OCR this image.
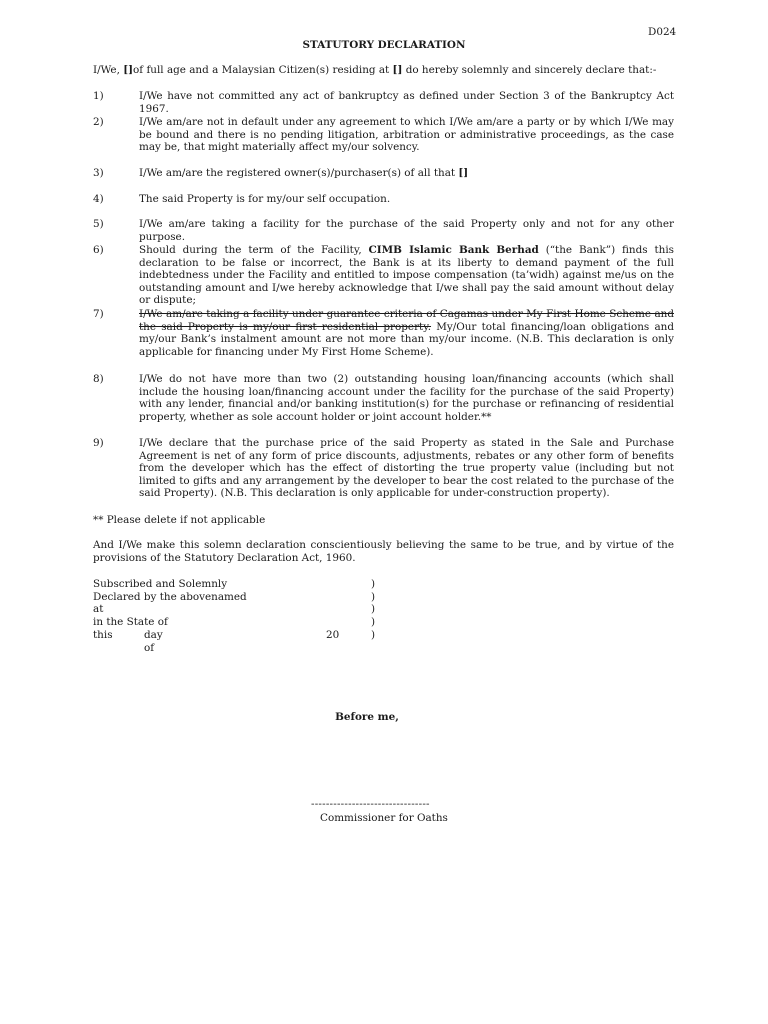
D024
STATUTORY DECLARATION
I/We, []of full age and a Malaysian Citizen(s) residing at [] do hereby solemnly and sincerely declare that:-
1)	I/We have not committed any act of bankruptcy as defined under Section 3 of the Bankruptcy Act 1967.
2)	I/We am/are not in default under any agreement to which I/We am/are a party or by which I/We may be bound and there is no pending litigation, arbitration or administrative proceedings, as the case may be, that might materially affect my/our solvency.
3)	I/We am/are the registered owner(s)/purchaser(s) of all that []
4)	The said Property is for my/our self occupation.
5)	I/We am/are taking a facility for the purchase of the said Property only and not for any other purpose.
6)	Should during the term of the Facility, CIMB Islamic Bank Berhad (“the Bank”) finds this declaration to be false or incorrect, the Bank is at its liberty to demand payment of the full indebtedness under the Facility and entitled to impose compensation (ta’widh) against me/us on the outstanding amount and I/we hereby acknowledge that I/we shall pay the said amount without delay or dispute;
7)	I/We am/are taking a facility under guarantee criteria of Cagamas under My First Home Scheme and the said Property is my/our first residential property. My/Our total financing/loan obligations and my/our Bank’s instalment amount are not more than my/our income. (N.B. This declaration is only applicable for financing under My First Home Scheme).
8)	I/We do not have more than two (2) outstanding housing loan/financing accounts (which shall include the housing loan/financing account under the facility for the purchase of the said Property) with any lender, financial and/or banking institution(s) for the purchase or refinancing of residential property, whether as sole account holder or joint account holder.**
9)	I/We declare that the purchase price of the said Property as stated in the Sale and Purchase Agreement is net of any form of price discounts, adjustments, rebates or any other form of benefits from the developer which has the effect of distorting the true property value (including but not limited to gifts and any arrangement by the developer to bear the cost related to the purchase of the said Property). (N.B. This declaration is only applicable for under-construction property).
** Please delete if not applicable
And I/We make this solemn declaration conscientiously believing the same to be true, and by virtue of the provisions of the Statutory Declaration Act, 1960.
Subscribed and Solemnly	)
Declared by the abovenamed	)
at	)
in the State of	)
this	day of
20	)
Before me,
--------------------------------
Commissioner for Oaths
